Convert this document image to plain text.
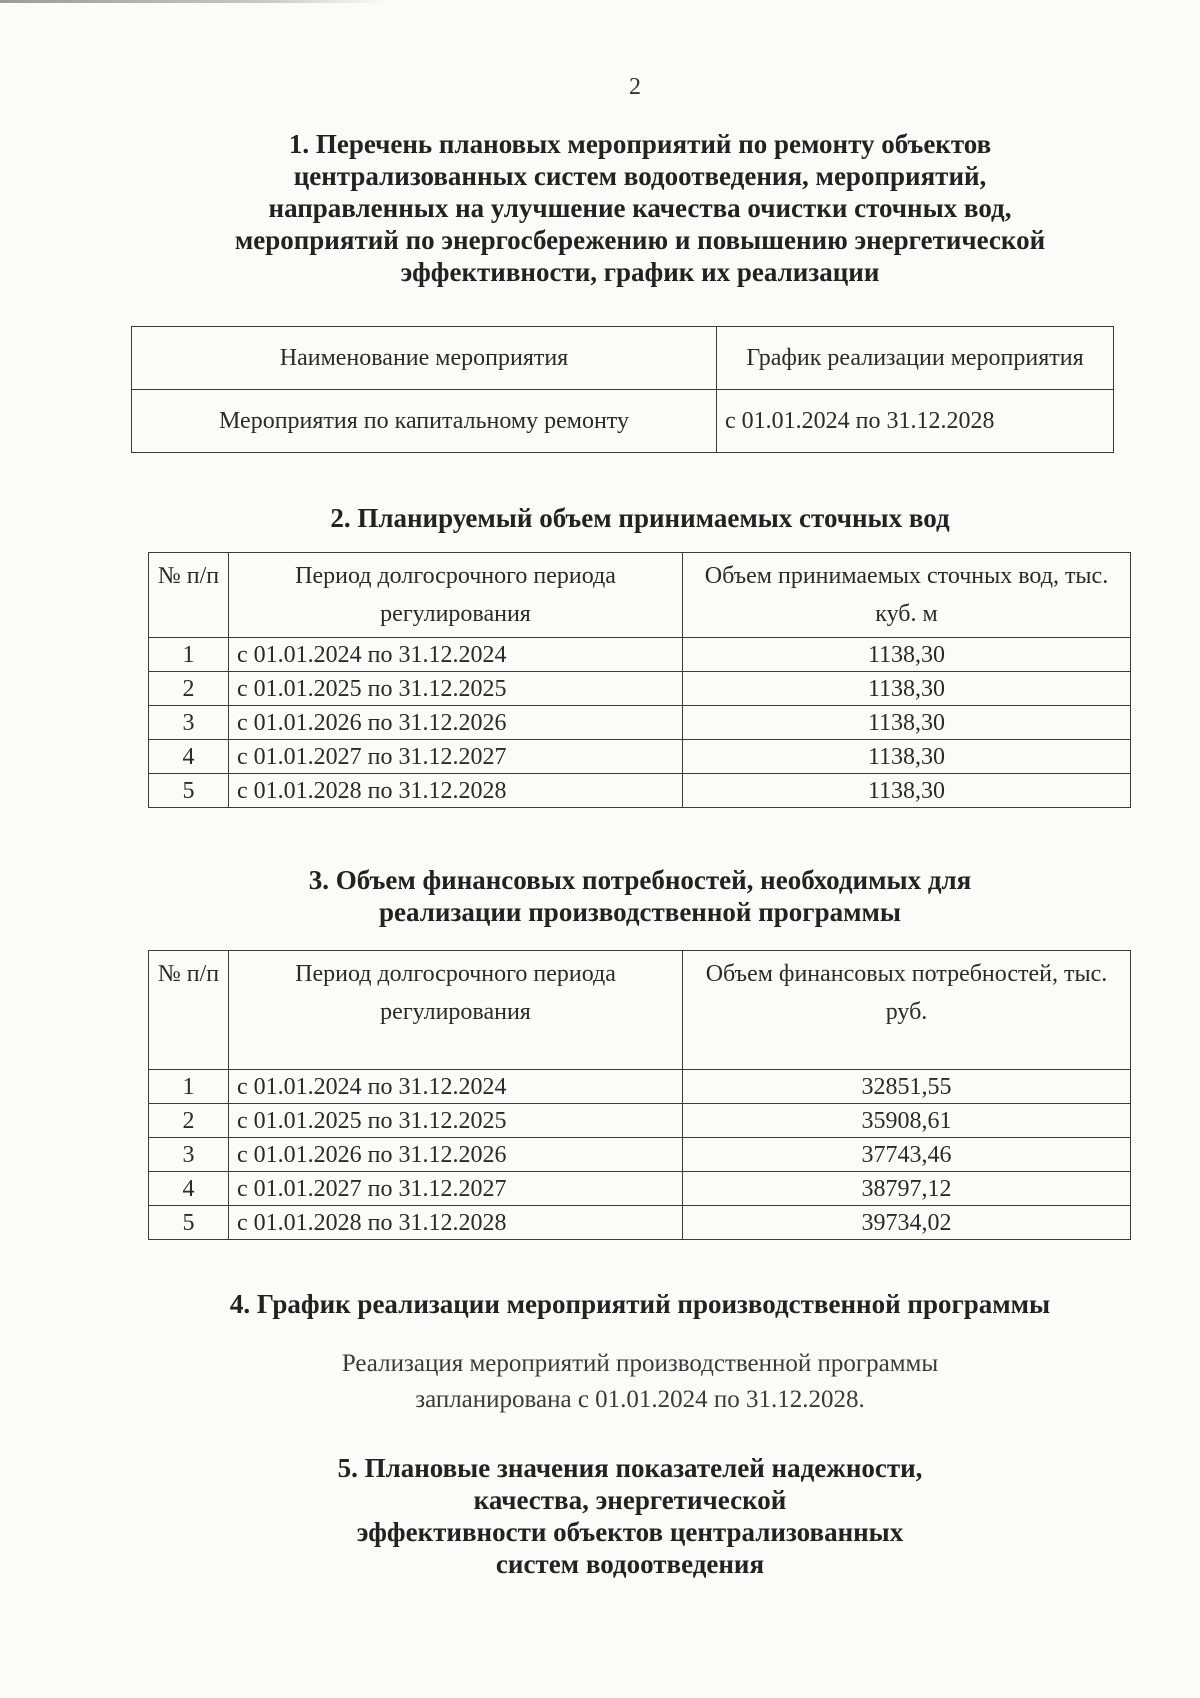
2
1. Перечень плановых мероприятий по ремонту объектов
централизованных систем водоотведения, мероприятий,
направленных на улучшение качества очистки сточных вод,
мероприятий по энергосбережению и повышению энергетической
эффективности, график их реализации
Наименование мероприятия	График реализации мероприятия
Мероприятия по капитальному ремонту	с 01.01.2024 по 31.12.2028
2. Планируемый объем принимаемых сточных вод
№ п/п	Период долгосрочного периода регулирования	Объем принимаемых сточных вод, тыс. куб. м
1	с 01.01.2024 по 31.12.2024	1138,30
2	с 01.01.2025 по 31.12.2025	1138,30
3	с 01.01.2026 по 31.12.2026	1138,30
4	с 01.01.2027 по 31.12.2027	1138,30
5	с 01.01.2028 по 31.12.2028	1138,30
3. Объем финансовых потребностей, необходимых для
реализации производственной программы
№ п/п	Период долгосрочного периода регулирования	Объем финансовых потребностей, тыс. руб.
1	с 01.01.2024 по 31.12.2024	32851,55
2	с 01.01.2025 по 31.12.2025	35908,61
3	с 01.01.2026 по 31.12.2026	37743,46
4	с 01.01.2027 по 31.12.2027	38797,12
5	с 01.01.2028 по 31.12.2028	39734,02
4. График реализации мероприятий производственной программы
Реализация мероприятий производственной программы
запланирована с 01.01.2024 по 31.12.2028.
5. Плановые значения показателей надежности,
качества, энергетической
эффективности объектов централизованных
систем водоотведения
